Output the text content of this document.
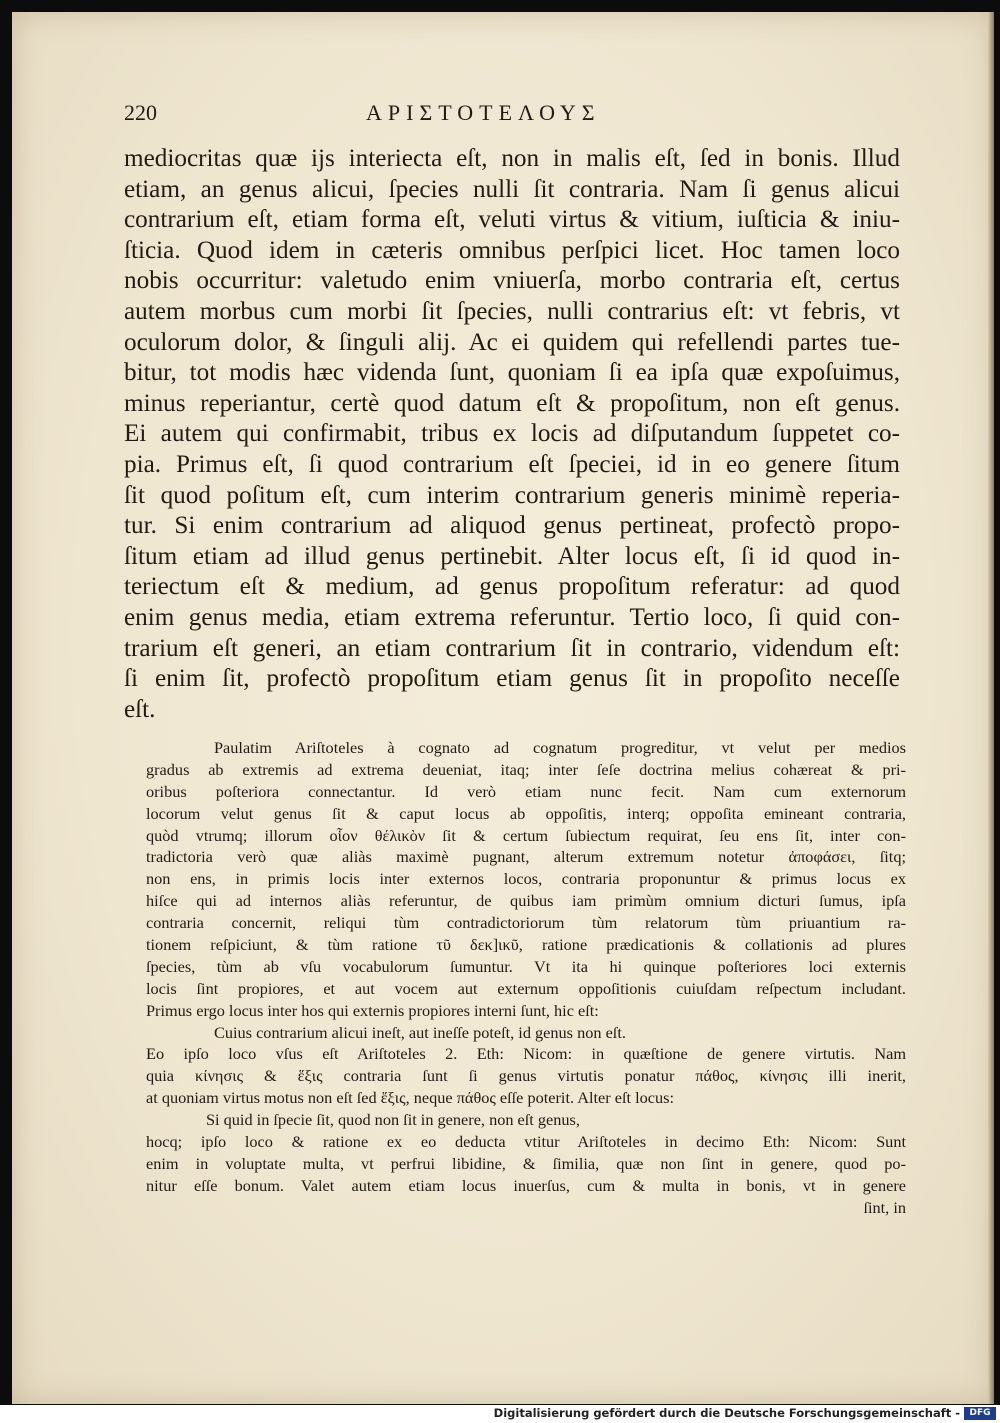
220	ΑΡΙΣΤΟΤΕΛΟΥΣ
mediocritas quæ ijs interiecta eſt, non in malis eſt, ſed in bonis. Illud
etiam, an genus alicui, ſpecies nulli ſit contraria. Nam ſi genus alicui
contrarium eſt, etiam forma eſt, veluti virtus & vitium, iuſticia & iniu-
ſticia. Quod idem in cæteris omnibus perſpici licet. Hoc tamen loco
nobis occurritur: valetudo enim vniuerſa, morbo contraria eſt, certus
autem morbus cum morbi ſit ſpecies, nulli contrarius eſt: vt febris, vt
oculorum dolor, & ſinguli alij. Ac ei quidem qui refellendi partes tue-
bitur, tot modis hæc videnda ſunt, quoniam ſi ea ipſa quæ expoſuimus,
minus reperiantur, certè quod datum eſt & propoſitum, non eſt genus.
Ei autem qui confirmabit, tribus ex locis ad diſputandum ſuppetet co-
pia. Primus eſt, ſi quod contrarium eſt ſpeciei, id in eo genere ſitum
ſit quod poſitum eſt, cum interim contrarium generis minimè reperia-
tur. Si enim contrarium ad aliquod genus pertineat, profectò propo-
ſitum etiam ad illud genus pertinebit. Alter locus eſt, ſi id quod in-
teriectum eſt & medium, ad genus propoſitum referatur: ad quod
enim genus media, etiam extrema referuntur. Tertio loco, ſi quid con-
trarium eſt generi, an etiam contrarium ſit in contrario, videndum eſt:
ſi enim ſit, profectò propoſitum etiam genus ſit in propoſito neceſſe
eſt.
Paulatim Ariſtoteles à cognato ad cognatum progreditur, vt velut per medios
gradus ab extremis ad extrema deueniat, itaq; inter ſeſe doctrina melius cohæreat & pri-
oribus poſteriora connectantur. Id verò etiam nunc fecit. Nam cum externorum
locorum velut genus ſit & caput locus ab oppoſitis, interq; oppoſita emineant contraria,
quòd vtrumq; illorum οἷον θέλικὸν ſit & certum ſubiectum requirat, ſeu ens ſit, inter con-
tradictoria verò quæ aliàs maximè pugnant, alterum extremum notetur ἀποφάσει, ſitq;
non ens, in primis locis inter externos locos, contraria proponuntur & primus locus ex
hiſce qui ad internos aliàs referuntur, de quibus iam primùm omnium dicturi ſumus, ipſa
contraria concernit, reliqui tùm contradictoriorum tùm relatorum tùm priuantium ra-
tionem reſpiciunt, & tùm ratione τῦ δεκ]ικῦ, ratione prædicationis & collationis ad plures
ſpecies, tùm ab vſu vocabulorum ſumuntur. Vt ita hi quinque poſteriores loci externis
locis ſint propiores, et aut vocem aut externum oppoſitionis cuiuſdam reſpectum includant.
Primus ergo locus inter hos qui externis propiores interni ſunt, hic eſt:
Cuius contrarium alicui ineſt, aut ineſſe poteſt, id genus non eſt.
Eo ipſo loco vſus eſt Ariſtoteles 2. Eth: Nicom: in quæſtione de genere virtutis. Nam
quia κίνησις & ἕξις contraria ſunt ſi genus virtutis ponatur πάθος, κίνησις illi inerit,
at quoniam virtus motus non eſt ſed ἕξις, neque πάθος eſſe poterit. Alter eſt locus:
Si quid in ſpecie ſit, quod non ſit in genere, non eſt genus,
hocq; ipſo loco & ratione ex eo deducta vtitur Ariſtoteles in decimo Eth: Nicom: Sunt
enim in voluptate multa, vt perfrui libidine, & ſimilia, quæ non ſint in genere, quod po-
nitur eſſe bonum. Valet autem etiam locus inuerſus, cum & multa in bonis, vt in genere
ſint, in
Digitalisierung gefördert durch die Deutsche Forschungsgemeinschaft -	DFG
